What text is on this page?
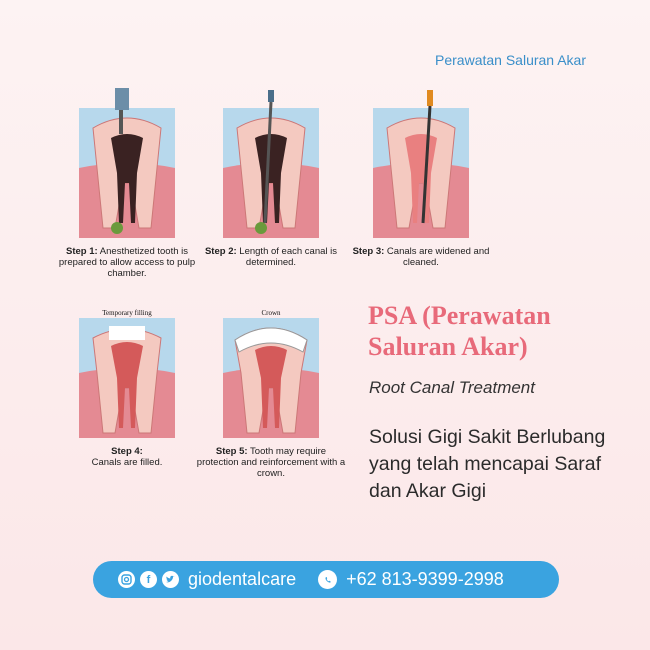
Perawatan Saluran Akar
Step 1: Anesthetized tooth is prepared to allow access to pulp chamber.
Step 2: Length of each canal is determined.
Step 3: Canals are widened and cleaned.
Temporary filling
Step 4:
Canals are filled.
Crown
Step 5: Tooth may require protection and reinforcement with a crown.
PSA (Perawatan Saluran Akar)
Root Canal Treatment
Solusi Gigi Sakit Berlubang yang telah mencapai Saraf dan Akar Gigi
f	giodentalcare	+62 813-9399-2998
